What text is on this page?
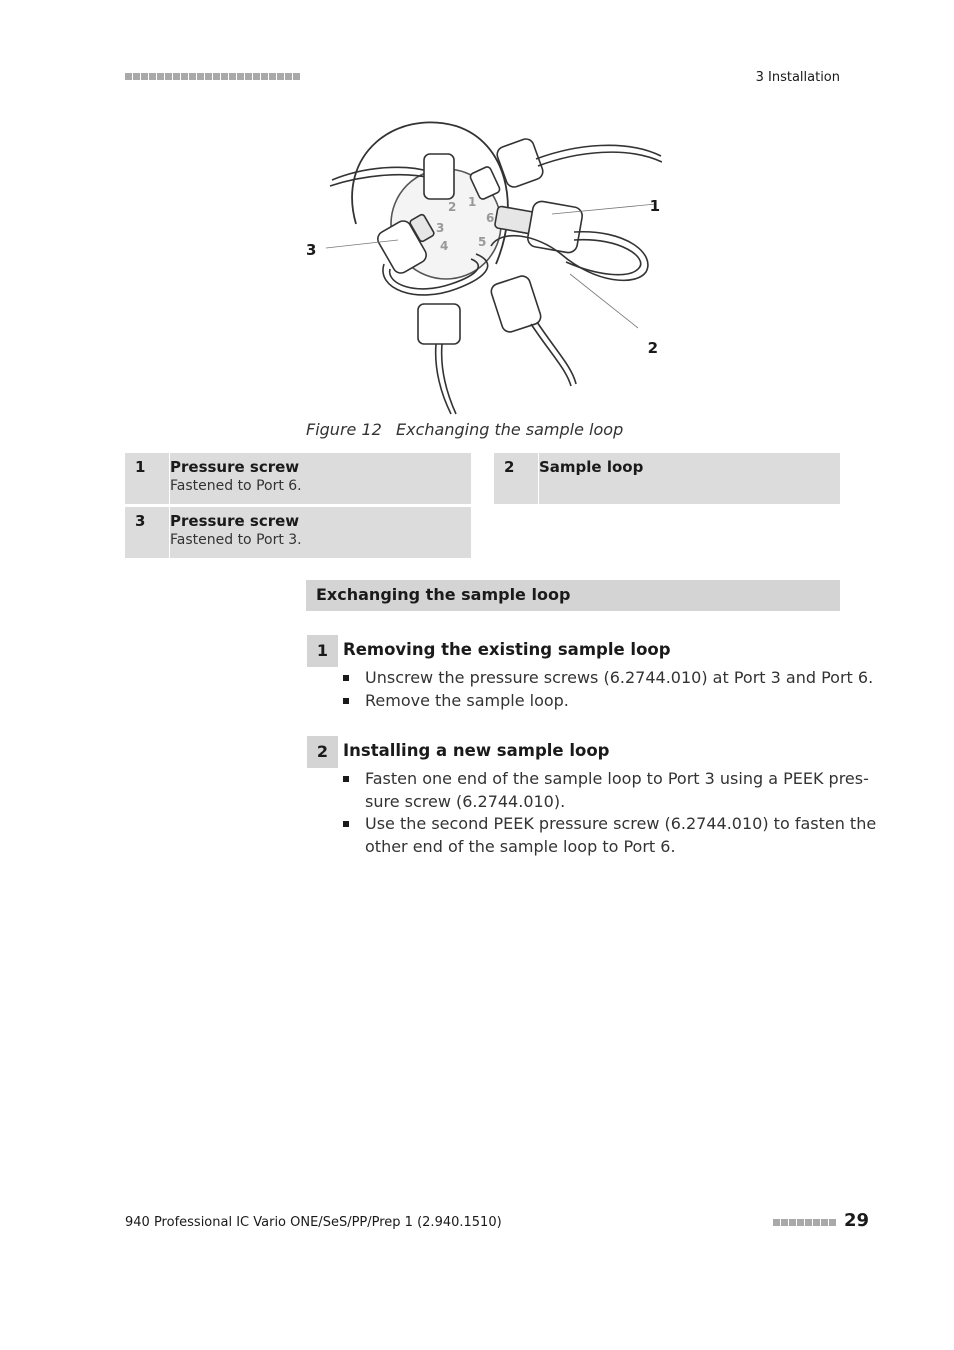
3 Installation
1
2
3
4 5
6
1
2
3
Figure 12 Exchanging the sample loop
1 Pressure screw
Fastened to Port 6.
2 Sample loop
3 Pressure screw
Fastened to Port 3.
Exchanging the sample loop
1 Removing the existing sample loop
Unscrew the pressure screws (6.2744.010) at Port 3 and Port 6.
Remove the sample loop.
2 Installing a new sample loop
Fasten one end of the sample loop to Port 3 using a PEEK pres-
sure screw (6.2744.010).
Use the second PEEK pressure screw (6.2744.010) to fasten the
other end of the sample loop to Port 6.
940 Professional IC Vario ONE/SeS/PP/Prep 1 (2.940.1510)	29
